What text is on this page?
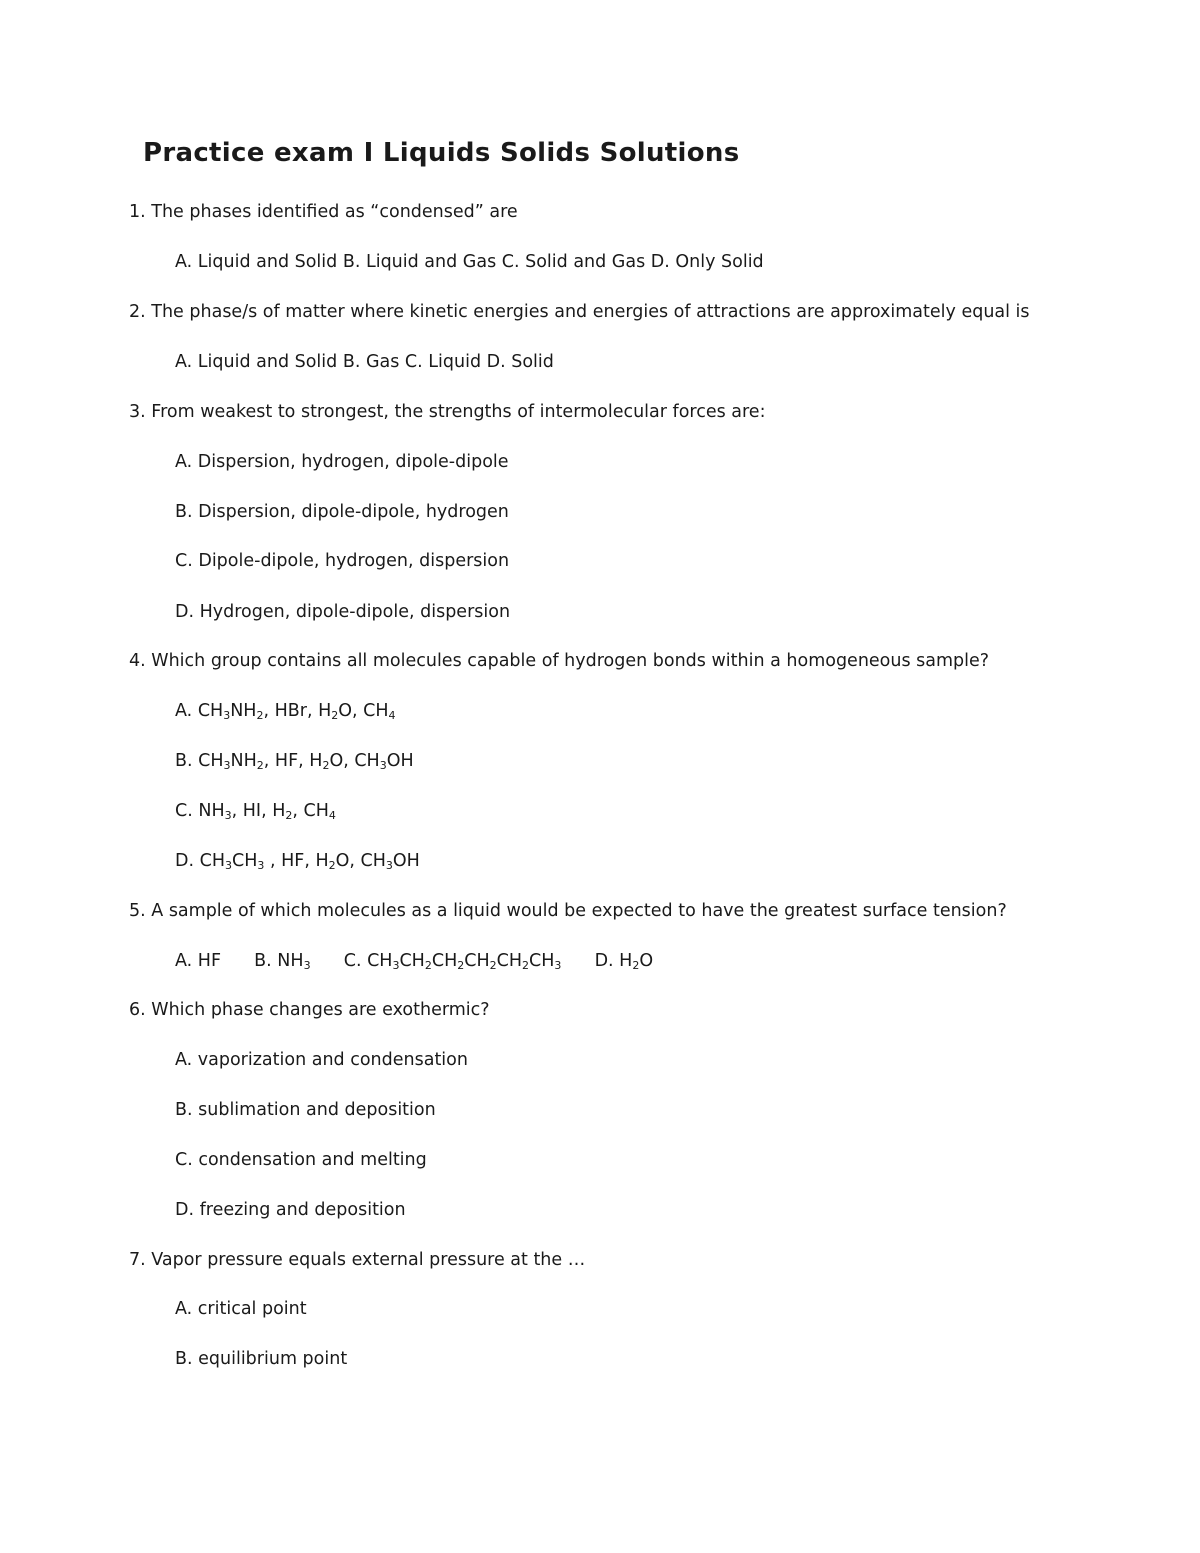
Practice exam I Liquids Solids Solutions
1. The phases identified as “condensed” are
A. Liquid and Solid B. Liquid and Gas C. Solid and Gas D. Only Solid
2. The phase/s of matter where kinetic energies and energies of attractions are approximately equal is
A. Liquid and Solid B. Gas C. Liquid D. Solid
3. From weakest to strongest, the strengths of intermolecular forces are:
A. Dispersion, hydrogen, dipole-dipole
B. Dispersion, dipole-dipole, hydrogen
C. Dipole-dipole, hydrogen, dispersion
D. Hydrogen, dipole-dipole, dispersion
4. Which group contains all molecules capable of hydrogen bonds within a homogeneous sample?
A. $CH_3NH_2$, HBr, $H_2O$, $CH_4$
B. $CH_3NH_2$, HF, $H_2O$, $CH_3OH$
C. $NH_3$, HI, $H_2$, $CH_4$
D. $CH_3CH_3$ , HF, $H_2O$, $CH_3OH$
5. A sample of which molecules as a liquid would be expected to have the greatest surface tension?
A. HF B. $NH_3$ C. $CH_3CH_2CH_2CH_2CH_2CH_3$ D. $H_2O$
6. Which phase changes are exothermic?
A. vaporization and condensation
B. sublimation and deposition
C. condensation and melting
D. freezing and deposition
7. Vapor pressure equals external pressure at the …
A. critical point
B. equilibrium point
